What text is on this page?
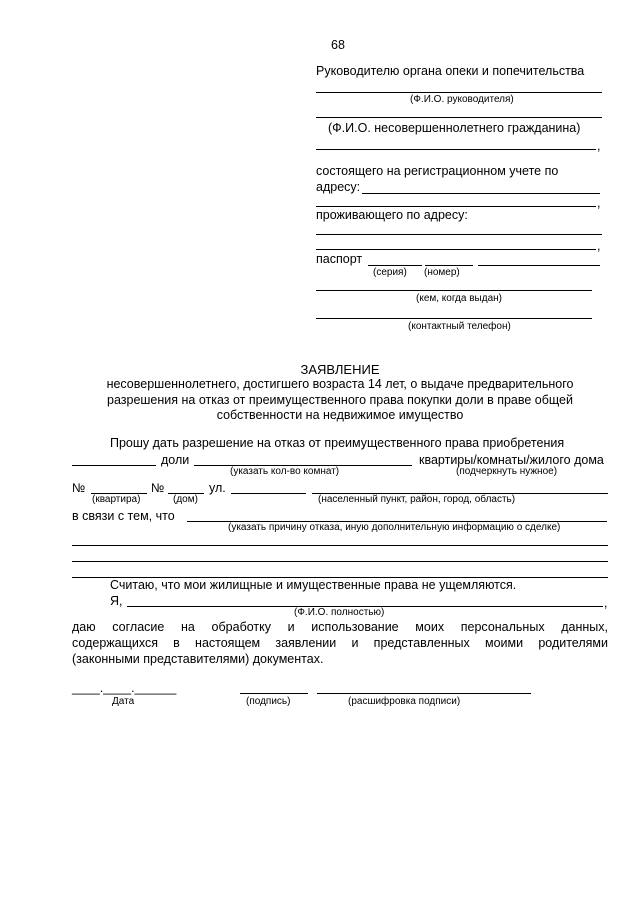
68
Руководителю органа опеки и попечительства
(Ф.И.О. руководителя)
(Ф.И.О. несовершеннолетнего гражданина)
,
состоящего на регистрационном учете по
адресу:
,
проживающего по адресу:
,
паспорт
(серия) (номер)
(кем, когда выдан)
(контактный телефон)
ЗАЯВЛЕНИЕ
несовершеннолетнего, достигшего возраста 14 лет, о выдаче предварительного
разрешения на отказ от преимущественного права покупки доли в праве общей
собственности на недвижимое имущество
Прошу дать разрешение на отказ от преимущественного права приобретения
доли	квартиры/комнаты/жилого дома
(указать кол-во комнат)	(подчеркнуть нужное)
№	№	ул.
(квартира)	(дом)	(населенный пункт, район, город, область)
в связи с тем, что
(указать причину отказа, иную дополнительную информацию о сделке)
Считаю, что мои жилищные и имущественные права не ущемляются.
Я,	,
(Ф.И.О. полностью)
даю согласие на обработку и использование моих персональных данных,
содержащихся в настоящем заявлении и представленных моими родителями
(законными представителями) документах.
____.____.______
Дата	(подпись)	(расшифровка подписи)
